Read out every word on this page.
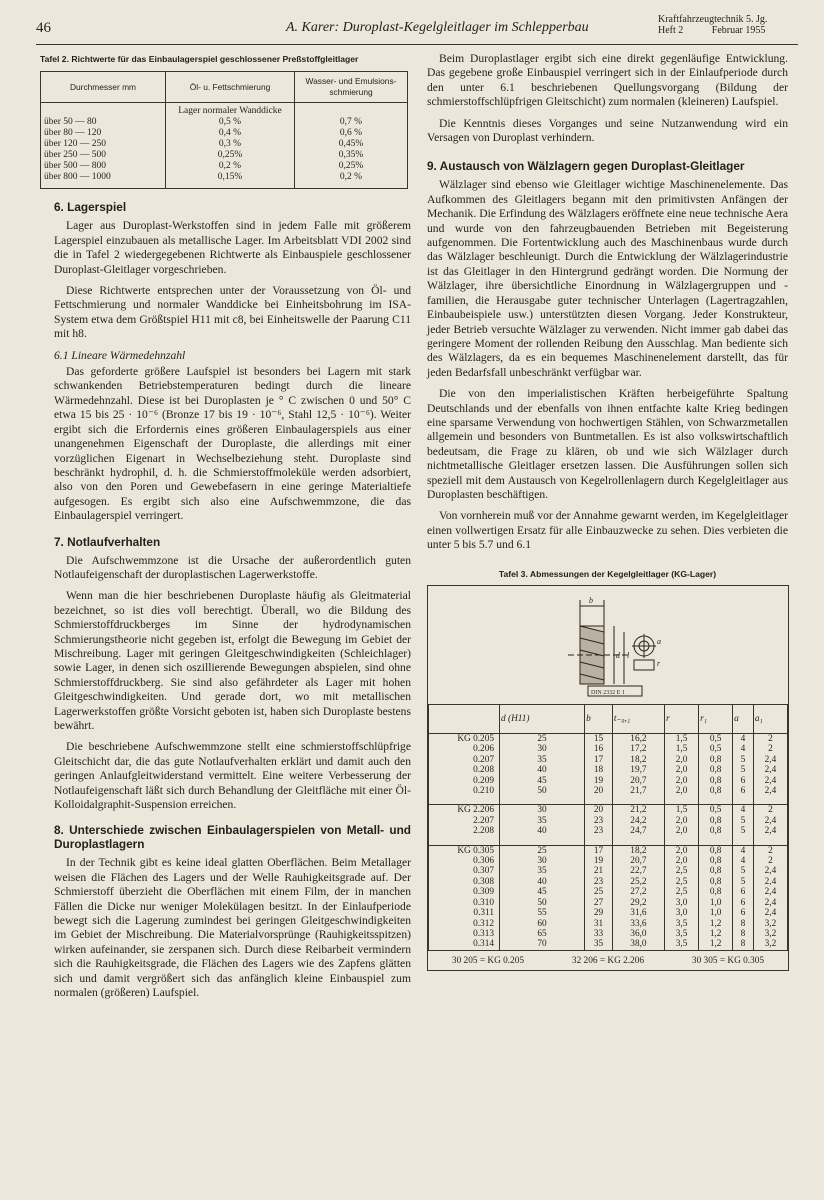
46	A. Karer: Duroplast-Kegelgleitlager im Schlepperbau
Kraftfahrzeugtechnik 5. Jg.
Heft 2	Februar 1955
Tafel 2. Richtwerte für das Einbaulagerspiel geschlossener Preßstoffgleitlager
Durchmesser mm	Öl- u. Fettschmierung	Wasser- und Emulsions- schmierung
	Lager normaler Wanddicke	
über 50 — 80	0,5 %	0,7 %
über 80 — 120	0,4 %	0,6 %
über 120 — 250	0,3 %	0,45%
über 250 — 500	0,25%	0,35%
über 500 — 800	0,2 %	0,25%
über 800 — 1000	0,15%	0,2 %
6. Lagerspiel

Lager aus Duroplast-Werkstoffen sind in jedem Falle mit größerem Lagerspiel einzubauen als metallische Lager. Im Arbeitsblatt VDI 2002 sind die in Tafel 2 wiedergegebenen Richtwerte als Einbauspiele geschlossener Duroplast-Gleitlager vorgeschrieben.

Diese Richtwerte entsprechen unter der Voraussetzung von Öl- und Fettschmierung und normaler Wanddicke bei Einheitsbohrung im ISA-System etwa dem Größtspiel H11 mit c8, bei Einheitswelle der Paarung C11 mit h8.

6.1 Lineare Wärmedehnzahl

Das geforderte größere Laufspiel ist besonders bei Lagern mit stark schwankenden Betriebstemperaturen bedingt durch die lineare Wärmedehnzahl. Diese ist bei Duroplasten je ° C zwischen 0 und 50° C etwa 15 bis 25 · 10⁻⁶ (Bronze 17 bis 19 · 10⁻⁶, Stahl 12,5 · 10⁻⁶). Weiter ergibt sich die Erfordernis eines größeren Einbaulagerspiels aus einer unangenehmen Eigenschaft der Duroplaste, die allerdings mit einer vorzüglichen Eigenart in Wechselbeziehung steht. Duroplaste sind beschränkt hydrophil, d. h. die Schmierstoffmoleküle werden adsorbiert, also von den Poren und Gewebefasern in eine geringe Materialtiefe aufgesogen. Es ergibt sich also eine Aufschwemmzone, die das Einbaulagerspiel verringert.

7. Notlaufverhalten

Die Aufschwemmzone ist die Ursache der außerordentlich guten Notlaufeigenschaft der duroplastischen Lagerwerkstoffe.

Wenn man die hier beschriebenen Duroplaste häufig als Gleitmaterial bezeichnet, so ist dies voll berechtigt. Überall, wo die Bildung des Schmierstoffdruckberges im Sinne der hydrodynamischen Schmierungstheorie nicht gegeben ist, erfolgt die Bewegung im Gebiet der Mischreibung. Lager mit geringen Gleitgeschwindigkeiten (Schleichlager) sowie Lager, in denen sich oszillierende Bewegungen abspielen, sind ohne Schmierstoffdruckberg. Sie sind also gefährdeter als Lager mit hohen Gleitgeschwindigkeiten. Und gerade dort, wo mit metallischen Lagerwerkstoffen größte Vorsicht geboten ist, haben sich Duroplaste bestens bewährt.

Die beschriebene Aufschwemmzone stellt eine schmierstoffschlüpfrige Gleitschicht dar, die das gute Notlaufverhalten erklärt und damit auch den geringen Anlaufgleitwiderstand vermittelt. Eine weitere Verbesserung der Notlaufeigenschaft läßt sich durch Behandlung der Gleitfläche mit einer Öl-Kolloidalgraphit-Suspension erreichen.

8. Unterschiede zwischen Einbaulagerspielen von Metall- und Duroplastlagern

In der Technik gibt es keine ideal glatten Oberflächen. Beim Metallager weisen die Flächen des Lagers und der Welle Rauhigkeitsgrade auf. Der Schmierstoff überzieht die Oberflächen mit einem Film, der in manchen Fällen die Dicke nur weniger Molekülagen besitzt. In der Einlaufperiode bewegt sich die Lagerung zumindest bei geringen Gleitgeschwindigkeiten im Gebiet der Mischreibung. Die Materialvorsprünge (Rauhigkeitsspitzen) wirken aufeinander, sie zerspanen sich. Durch diese Reibarbeit vermindern sich die Rauhigkeitsgrade, die Flächen des Lagers wie des Zapfens glätten sich und damit vergrößert sich das anfänglich kleine Einbauspiel zum normalen (größeren) Laufspiel.

Beim Duroplastlager ergibt sich eine direkt gegenläufige Entwicklung. Das gegebene große Einbauspiel verringert sich in der Einlaufperiode durch den unter 6.1 beschriebenen Quellungsvorgang (Bildung der schmierstoffschlüpfrigen Gleitschicht) zum normalen (kleineren) Laufspiel.

Die Kenntnis dieses Vorganges und seine Nutzanwendung wird ein Versagen von Duroplast verhindern.

9. Austausch von Wälzlagern gegen Duroplast-Gleitlager

Wälzlager sind ebenso wie Gleitlager wichtige Maschinenelemente. Das Aufkommen des Gleitlagers begann mit den primitivsten Anfängen der Mechanik. Die Erfindung des Wälzlagers eröffnete eine neue technische Aera und wurde von den fahrzeugbauenden Betrieben mit Begeisterung aufgenommen. Die Fortentwicklung auch des Maschinenbaus wurde durch das Wälzlager beschleunigt. Durch die Entwicklung der Wälzlagerindustrie ist das Gleitlager in den Hintergrund gedrängt worden. Die Normung der Wälzlager, ihre übersichtliche Einordnung in Wälzlagergruppen und -familien, die Herausgabe guter technischer Unterlagen (Lagertragzahlen, Einbaubeispiele usw.) unterstützten diesen Vorgang. Jeder Konstrukteur, jeder Betrieb versuchte Wälzlager zu verwenden. Nicht immer gab dabei das geringere Moment der rollenden Reibung den Ausschlag. Man bediente sich des Wälzlagers, da es ein bequemes Maschinenelement darstellt, das für jeden Bedarfsfall unbeschränkt verfügbar war.

Die von den imperialistischen Kräften herbeigeführte Spaltung Deutschlands und der ebenfalls von ihnen entfachte kalte Krieg bedingen eine sparsame Verwendung von hochwertigen Stählen, von Schwarzmetallen allgemein und besonders von Buntmetallen. Es ist also volkswirtschaftlich bedeutsam, die Frage zu klären, ob und wie sich Wälzlager durch nichtmetallische Gleitlager ersetzen lassen. Die Ausführungen sollen sich speziell mit dem Austausch von Kegelrollenlagern durch Kegelgleitlager aus Duroplasten beschäftigen.

Von vornherein muß vor der Annahme gewarnt werden, im Kegelgleitlager einen vollwertigen Ersatz für alle Einbauzwecke zu sehen. Dies verbieten die unter 5 bis 5.7 und 6.1

Tafel 3. Abmessungen der Kegelgleitlager (KG-Lager)
b
d l
a
r
DIN 2332 E 1
	d (H11)	b	t₋₀,₁	r	r₁	a	a₁
KG 0.205	25	15	16,2	1,5	0,5	4	2
0.206	30	16	17,2	1,5	0,5	4	2
0.207	35	17	18,2	2,0	0,8	5	2,4
0.208	40	18	19,7	2,0	0,8	5	2,4
0.209	45	19	20,7	2,0	0,8	6	2,4
0.210	50	20	21,7	2,0	0,8	6	2,4

KG 2.206	30	20	21,2	1,5	0,5	4	2
2.207	35	23	24,2	2,0	0,8	5	2,4
2.208	40	23	24,7	2,0	0,8	5	2,4

KG 0.305	25	17	18,2	2,0	0,8	4	2
0.306	30	19	20,7	2,0	0,8	4	2
0.307	35	21	22,7	2,5	0,8	5	2,4
0.308	40	23	25,2	2,5	0,8	5	2,4
0.309	45	25	27,2	2,5	0,8	6	2,4
0.310	50	27	29,2	3,0	1,0	6	2,4
0.311	55	29	31,6	3,0	1,0	6	2,4
0.312	60	31	33,6	3,5	1,2	8	3,2
0.313	65	33	36,0	3,5	1,2	8	3,2
0.314	70	35	38,0	3,5	1,2	8	3,2
30 205 = KG 0.205	32 206 = KG 2.206	30 305 = KG 0.305
